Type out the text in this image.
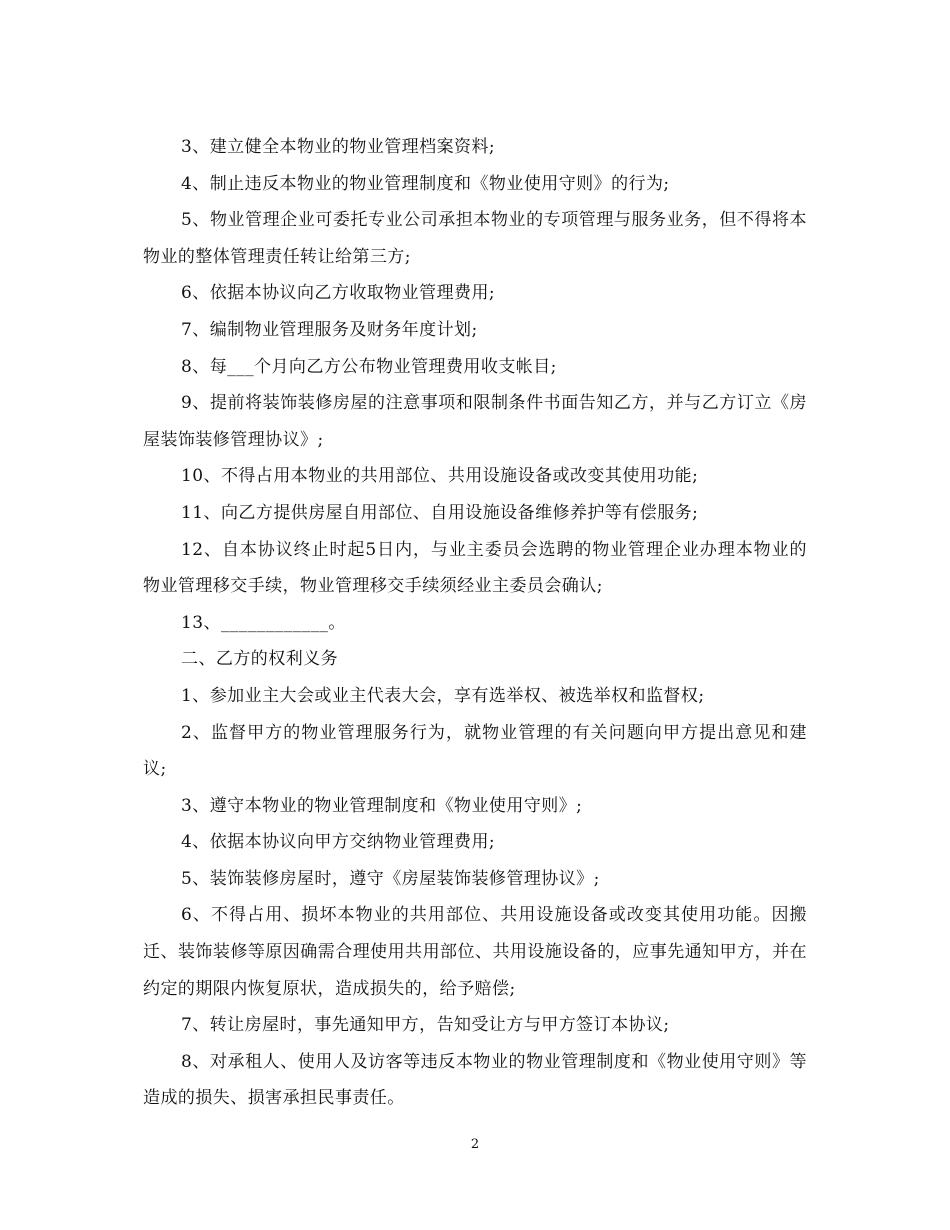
3、建立健全本物业的物业管理档案资料;

4、制止违反本物业的物业管理制度和《物业使用守则》的行为;

5、物业管理企业可委托专业公司承担本物业的专项管理与服务业务，但不得将本物业的整体管理责任转让给第三方;

6、依据本协议向乙方收取物业管理费用;

7、编制物业管理服务及财务年度计划;

8、每___个月向乙方公布物业管理费用收支帐目;

9、提前将装饰装修房屋的注意事项和限制条件书面告知乙方，并与乙方订立《房屋装饰装修管理协议》;

10、不得占用本物业的共用部位、共用设施设备或改变其使用功能;

11、向乙方提供房屋自用部位、自用设施设备维修养护等有偿服务;

12、自本协议终止时起5日内，与业主委员会选聘的物业管理企业办理本物业的物业管理移交手续，物业管理移交手续须经业主委员会确认;

13、____________。

二、乙方的权利义务

1、参加业主大会或业主代表大会，享有选举权、被选举权和监督权;

2、监督甲方的物业管理服务行为，就物业管理的有关问题向甲方提出意见和建议;

3、遵守本物业的物业管理制度和《物业使用守则》;

4、依据本协议向甲方交纳物业管理费用;

5、装饰装修房屋时，遵守《房屋装饰装修管理协议》;

6、不得占用、损坏本物业的共用部位、共用设施设备或改变其使用功能。因搬迁、装饰装修等原因确需合理使用共用部位、共用设施设备的，应事先通知甲方，并在约定的期限内恢复原状，造成损失的，给予赔偿;

7、转让房屋时，事先通知甲方，告知受让方与甲方签订本协议;

8、对承租人、使用人及访客等违反本物业的物业管理制度和《物业使用守则》等造成的损失、损害承担民事责任。

2
